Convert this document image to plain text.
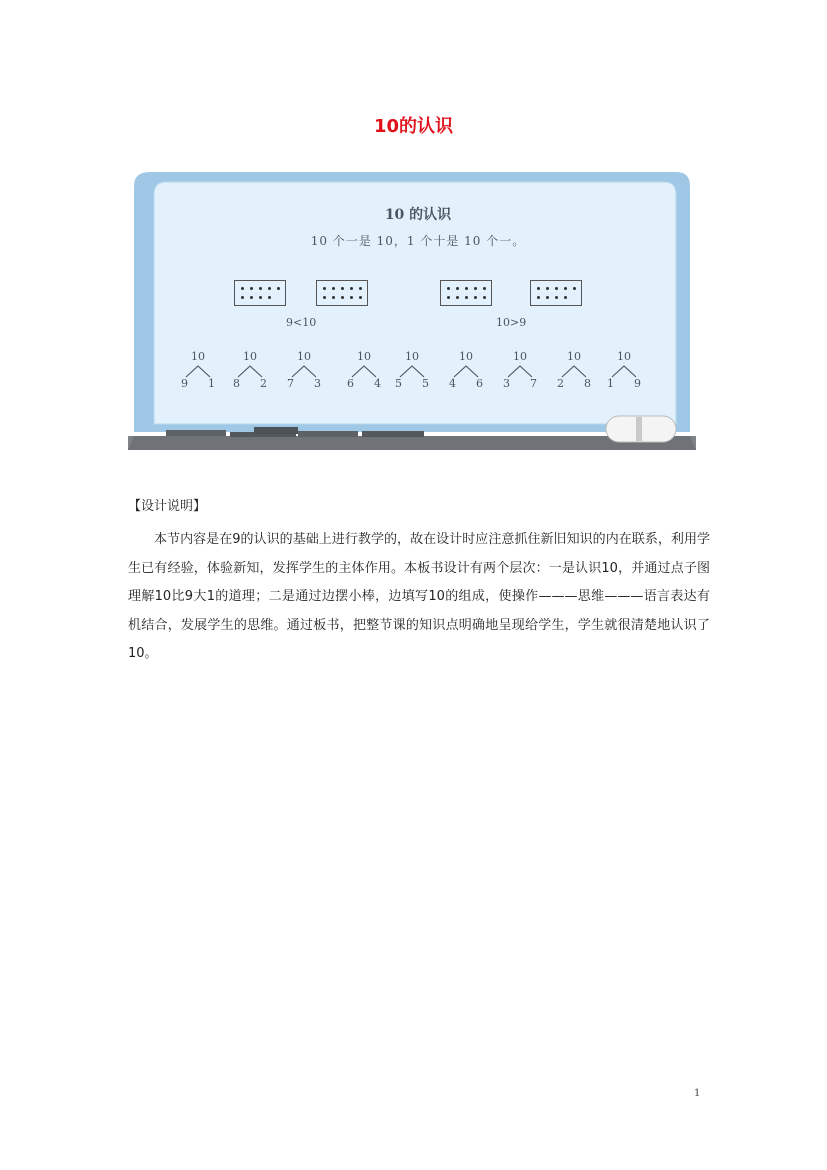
10的认识
10 的认识
10 个一是 10，1 个十是 10 个一。
9<10	10>9
10
9 1
10
8 2
10
7 3
10
6 4
10
5 5
10
4 6
10
3 7
10
2 8
10
1 9
【设计说明】
本节内容是在9的认识的基础上进行教学的，故在设计时应注意抓住新旧知识的内在联系，利用学生已有经验，体验新知，发挥学生的主体作用。本板书设计有两个层次：一是认识10，并通过点子图理解10比9大1的道理；二是通过边摆小棒，边填写10的组成，使操作———思维———语言表达有机结合，发展学生的思维。通过板书，把整节课的知识点明确地呈现给学生，学生就很清楚地认识了10。
1
